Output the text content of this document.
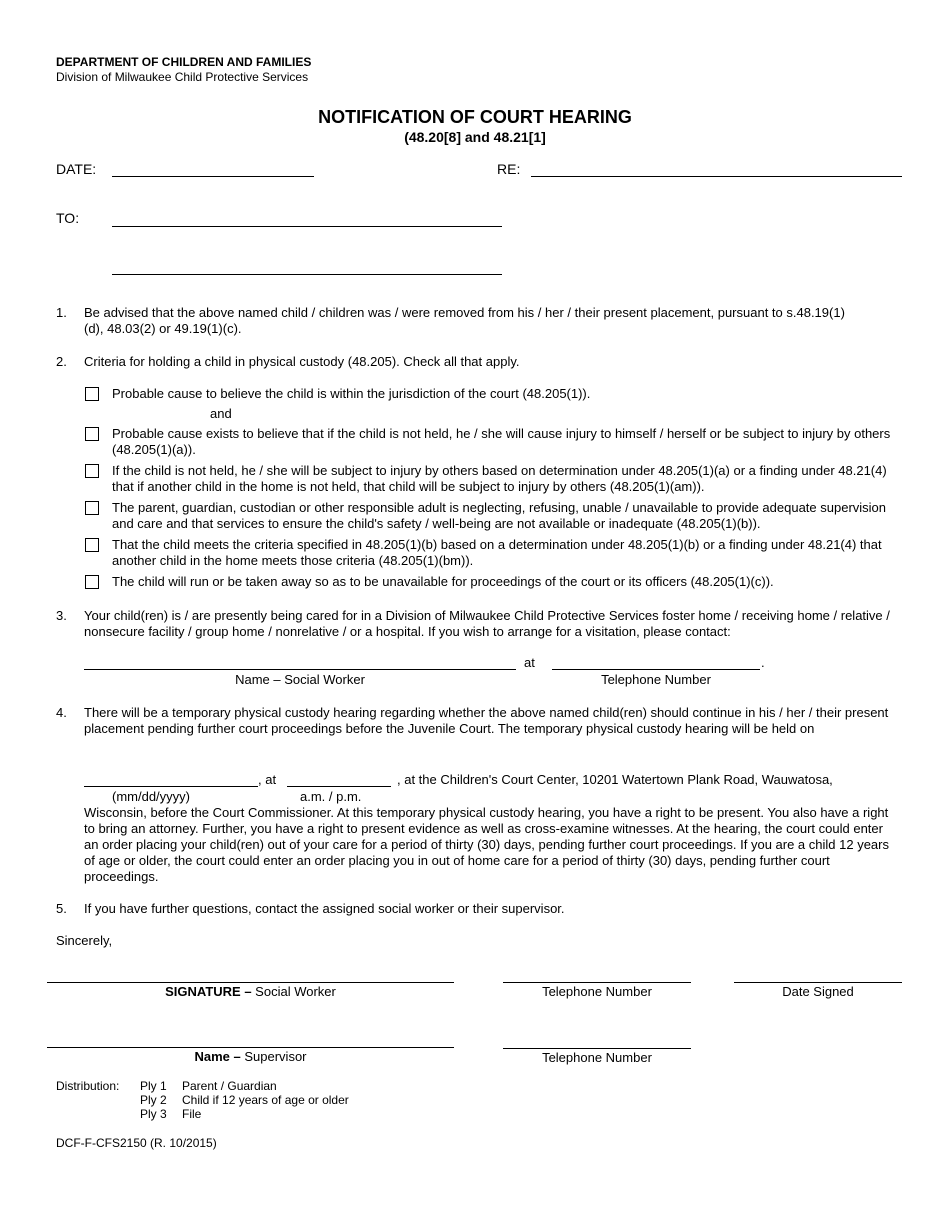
DEPARTMENT OF CHILDREN AND FAMILIES
Division of Milwaukee Child Protective Services
NOTIFICATION OF COURT HEARING
(48.20[8] and 48.21[1]
DATE:	RE:
TO:
1. Be advised that the above named child / children was / were removed from his / her / their present placement, pursuant to s.48.19(1)(d), 48.03(2) or 49.19(1)(c).
2. Criteria for holding a child in physical custody (48.205). Check all that apply.
Probable cause to believe the child is within the jurisdiction of the court (48.205(1)).
and
Probable cause exists to believe that if the child is not held, he / she will cause injury to himself / herself or be subject to injury by others (48.205(1)(a)).
If the child is not held, he / she will be subject to injury by others based on determination under 48.205(1)(a) or a finding under 48.21(4) that if another child in the home is not held, that child will be subject to injury by others (48.205(1)(am)).
The parent, guardian, custodian or other responsible adult is neglecting, refusing, unable / unavailable to provide adequate supervision and care and that services to ensure the child's safety / well-being are not available or inadequate (48.205(1)(b)).
That the child meets the criteria specified in 48.205(1)(b) based on a determination under 48.205(1)(b) or a finding under 48.21(4) that another child in the home meets those criteria (48.205(1)(bm)).
The child will run or be taken away so as to be unavailable for proceedings of the court or its officers (48.205(1)(c)).
3. Your child(ren) is / are presently being cared for in a Division of Milwaukee Child Protective Services foster home / receiving home / relative / nonsecure facility / group home / nonrelative / or a hospital. If you wish to arrange for a visitation, please contact:
at	.
Name – Social Worker	Telephone Number
4. There will be a temporary physical custody hearing regarding whether the above named child(ren) should continue in his / her / their present placement pending further court proceedings before the Juvenile Court. The temporary physical custody hearing will be held on
, at	, at the Children's Court Center, 10201 Watertown Plank Road, Wauwatosa,
(mm/dd/yyyy)	a.m. / p.m.
Wisconsin, before the Court Commissioner. At this temporary physical custody hearing, you have a right to be present. You also have a right to bring an attorney. Further, you have a right to present evidence as well as cross-examine witnesses. At the hearing, the court could enter an order placing your child(ren) out of your care for a period of thirty (30) days, pending further court proceedings. If you are a child 12 years of age or older, the court could enter an order placing you in out of home care for a period of thirty (30) days, pending further court proceedings.
5. If you have further questions, contact the assigned social worker or their supervisor.
Sincerely,
SIGNATURE – Social Worker	Telephone Number	Date Signed
Name – Supervisor	Telephone Number
Distribution: Ply 1 Parent / Guardian
Ply 2 Child if 12 years of age or older
Ply 3 File
DCF-F-CFS2150 (R. 10/2015)
